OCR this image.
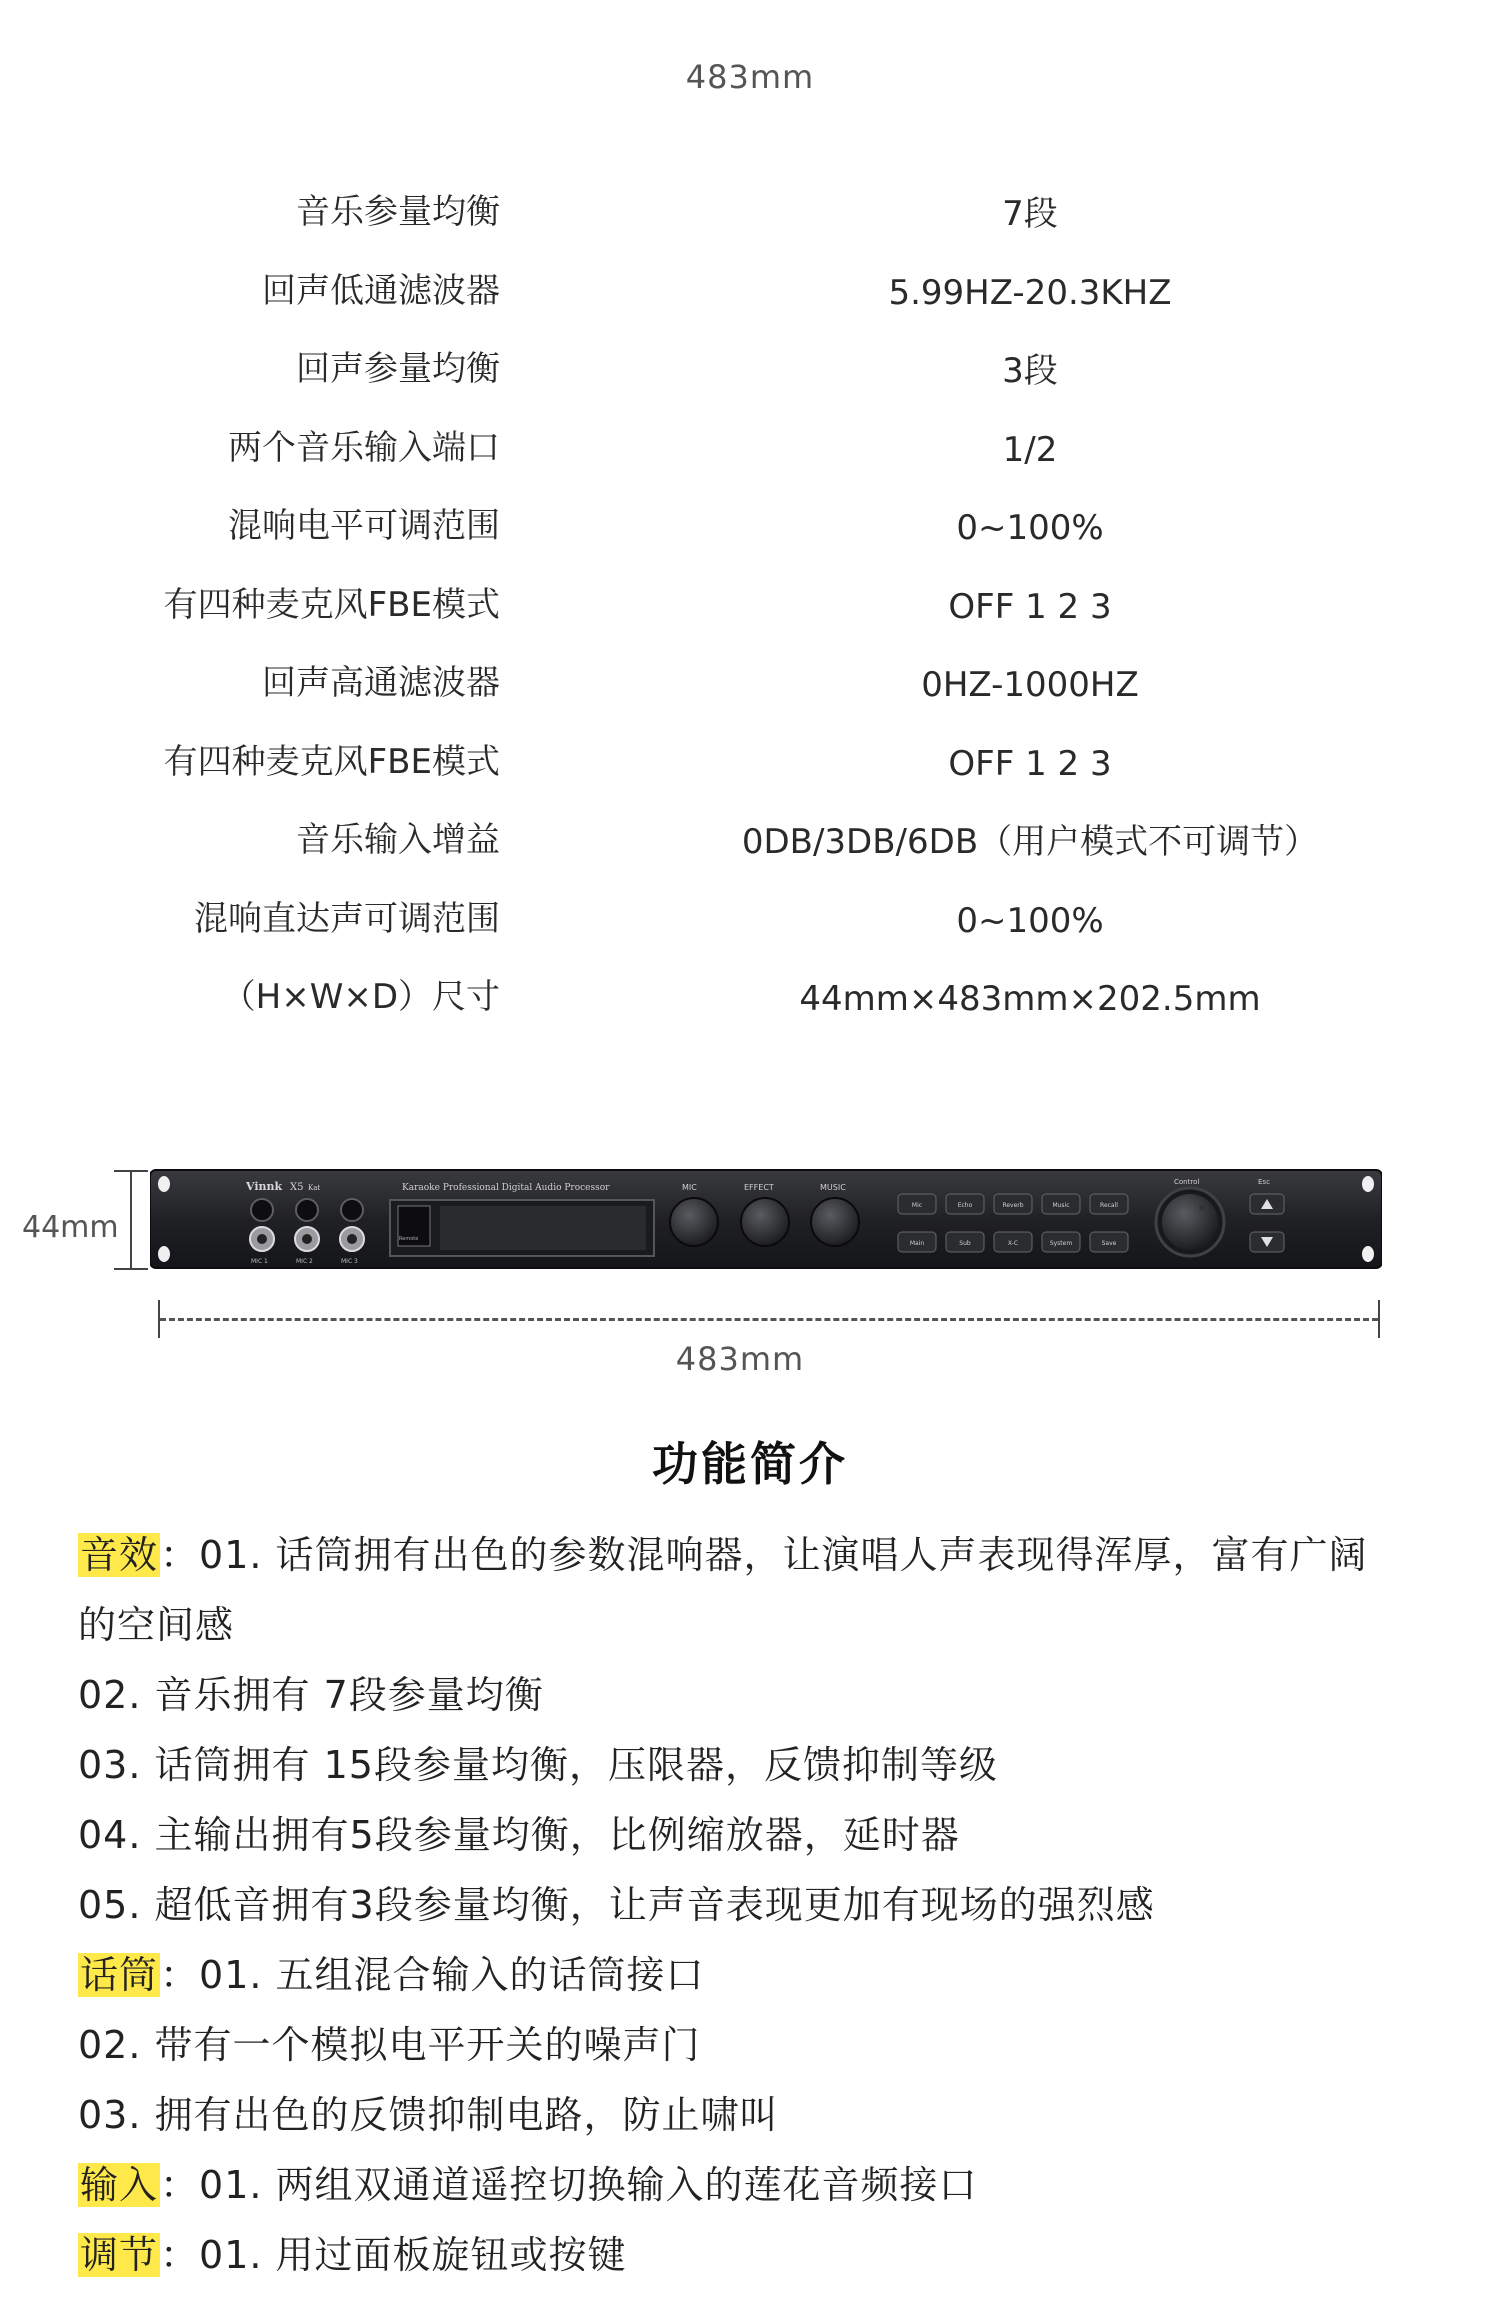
483mm
音乐参量均衡	7段
回声低通滤波器	5.99HZ-20.3KHZ
回声参量均衡	3段
两个音乐输入端口	1/2
混响电平可调范围	0~100%
有四种麦克风FBE模式	OFF 1 2 3
回声高通滤波器	0HZ-1000HZ
有四种麦克风FBE模式	OFF 1 2 3
音乐输入增益	0DB/3DB/6DB（用户模式不可调节）
混响直达声可调范围	0~100%
（H×W×D）尺寸	44mm×483mm×202.5mm
44mm
Vinnk X5 Kat	Karaoke Professional Digital Audio Processor
MIC 1	MIC 2	MIC 3
Remote
MIC	EFFECT	MUSIC
Mic	Echo	Reverb	Music	Recall
Main	Sub	X-C	System	Save
Control	Esc
483mm
功能简介
音效：01. 话筒拥有出色的参数混响器，让演唱人声表现得浑厚，富有广阔
的空间感
02. 音乐拥有 7段参量均衡
03. 话筒拥有 15段参量均衡，压限器，反馈抑制等级
04. 主输出拥有5段参量均衡，比例缩放器，延时器
05. 超低音拥有3段参量均衡，让声音表现更加有现场的强烈感
话筒：01. 五组混合输入的话筒接口
02. 带有一个模拟电平开关的噪声门
03. 拥有出色的反馈抑制电路，防止啸叫
输入：01. 两组双通道遥控切换输入的莲花音频接口
调节：01. 用过面板旋钮或按键
